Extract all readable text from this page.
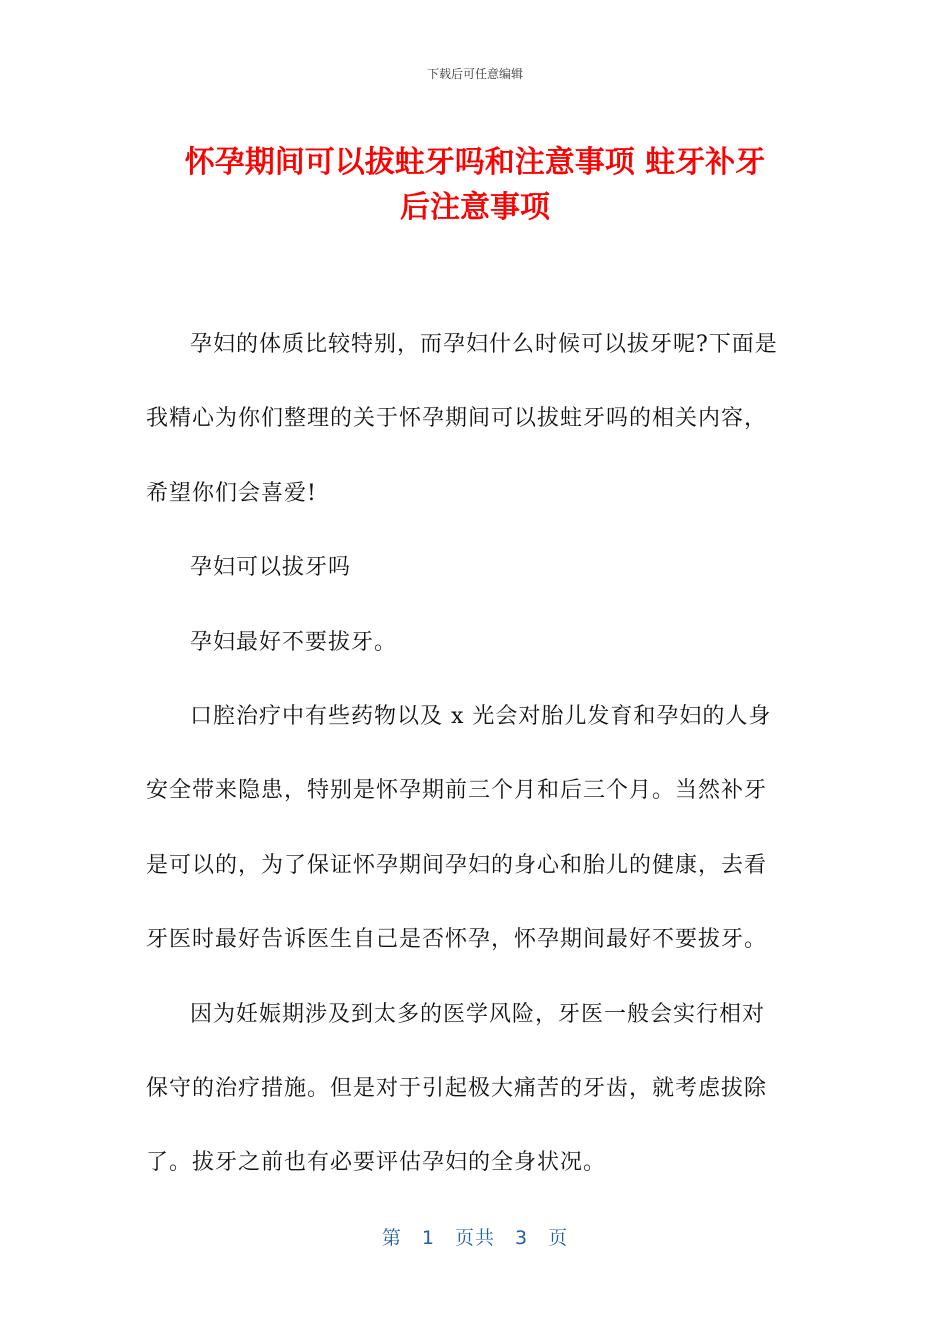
下载后可任意编辑
怀孕期间可以拔蛀牙吗和注意事项 蛀牙补牙
后注意事项

孕妇的体质比较特别，而孕妇什么时候可以拔牙呢?下面是
我精心为你们整理的关于怀孕期间可以拔蛀牙吗的相关内容，
希望你们会喜爱!

孕妇可以拔牙吗

孕妇最好不要拔牙。

口腔治疗中有些药物以及 x 光会对胎儿发育和孕妇的人身
安全带来隐患，特别是怀孕期前三个月和后三个月。当然补牙
是可以的，为了保证怀孕期间孕妇的身心和胎儿的健康，去看
牙医时最好告诉医生自己是否怀孕，怀孕期间最好不要拔牙。

因为妊娠期涉及到太多的医学风险，牙医一般会实行相对
保守的治疗措施。但是对于引起极大痛苦的牙齿，就考虑拔除
了。拔牙之前也有必要评估孕妇的全身状况。

第 1 页共 3 页
